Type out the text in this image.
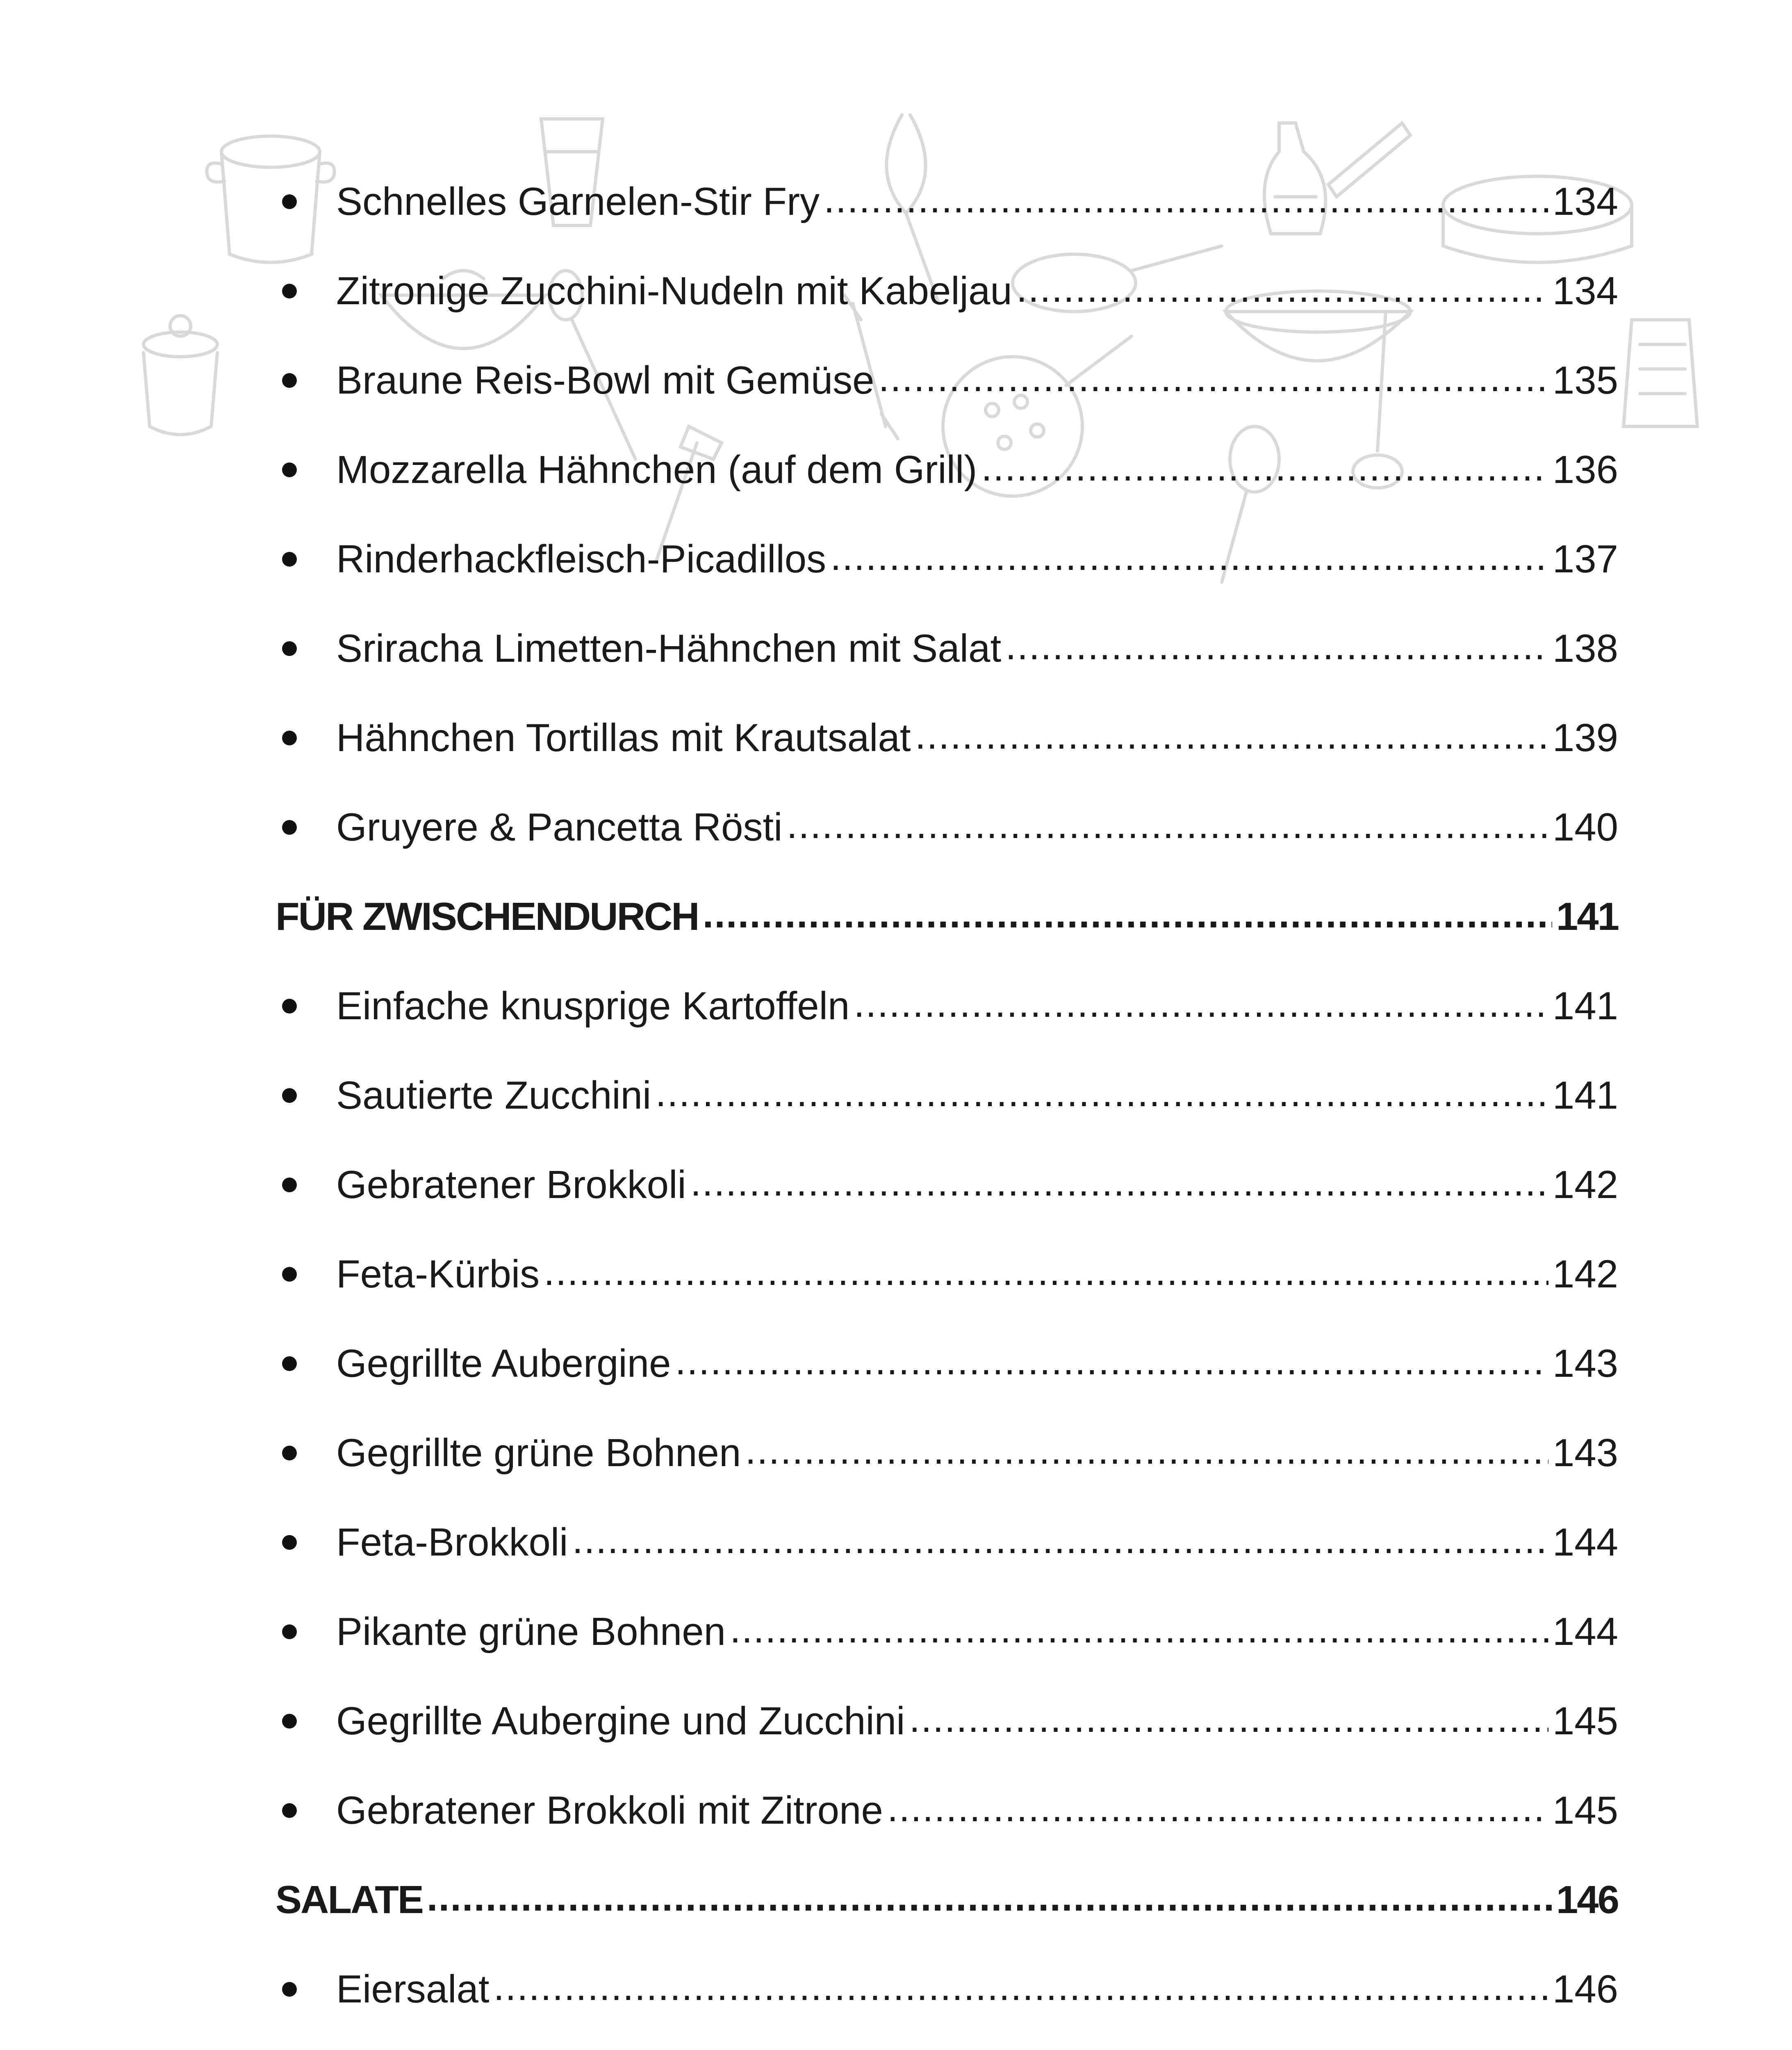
Schnelles Garnelen-Stir Fry .....	134
Zitronige Zucchini-Nudeln mit Kabeljau .....	134
Braune Reis-Bowl mit Gemüse .....	135
Mozzarella Hähnchen (auf dem Grill) .....	136
Rinderhackfleisch-Picadillos .....	137
Sriracha Limetten-Hähnchen mit Salat .....	138
Hähnchen Tortillas mit Krautsalat .....	139
Gruyere & Pancetta Rösti .....	140
FÜR ZWISCHENDURCH .....	141
Einfache knusprige Kartoffeln .....	141
Sautierte Zucchini .....	141
Gebratener Brokkoli .....	142
Feta-Kürbis .....	142
Gegrillte Aubergine .....	143
Gegrillte grüne Bohnen .....	143
Feta-Brokkoli .....	144
Pikante grüne Bohnen .....	144
Gegrillte Aubergine und Zucchini .....	145
Gebratener Brokkoli mit Zitrone .....	145
SALATE .....	146
Eiersalat .....	146
